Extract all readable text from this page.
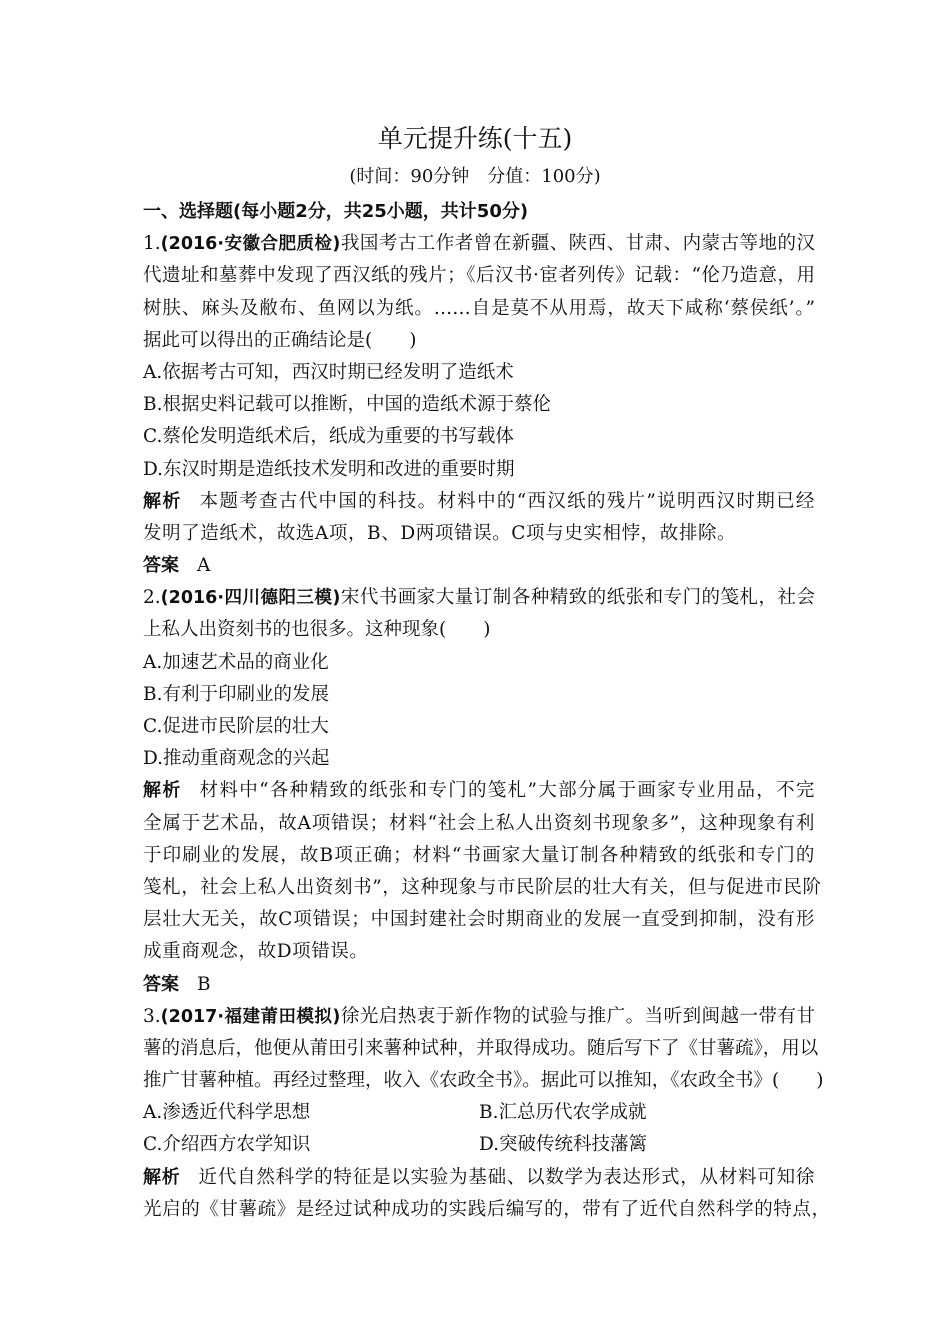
单元提升练(十五)
(时间：90分钟　分值：100分)
一、选择题(每小题2分，共25小题，共计50分)
1.(2016·安徽合肥质检)我国考古工作者曾在新疆、陕西、甘肃、内蒙古等地的汉
代遗址和墓葬中发现了西汉纸的残片；《后汉书·宦者列传》记载：“伦乃造意，用
树肤、麻头及敝布、鱼网以为纸。……自是莫不从用焉，故天下咸称‘蔡侯纸’。”
据此可以得出的正确结论是(　　)
A.依据考古可知，西汉时期已经发明了造纸术
B.根据史料记载可以推断，中国的造纸术源于蔡伦
C.蔡伦发明造纸术后，纸成为重要的书写载体
D.东汉时期是造纸技术发明和改进的重要时期
解析 本题考查古代中国的科技。材料中的“西汉纸的残片”说明西汉时期已经
发明了造纸术，故选A项，B、D两项错误。C项与史实相悖，故排除。
答案 A
2.(2016·四川德阳三模)宋代书画家大量订制各种精致的纸张和专门的笺札，社会
上私人出资刻书的也很多。这种现象(　　)
A.加速艺术品的商业化
B.有利于印刷业的发展
C.促进市民阶层的壮大
D.推动重商观念的兴起
解析 材料中“各种精致的纸张和专门的笺札”大部分属于画家专业用品，不完
全属于艺术品，故A项错误；材料“社会上私人出资刻书现象多”，这种现象有利
于印刷业的发展，故B项正确；材料“书画家大量订制各种精致的纸张和专门的
笺札，社会上私人出资刻书”，这种现象与市民阶层的壮大有关，但与促进市民阶
层壮大无关，故C项错误；中国封建社会时期商业的发展一直受到抑制，没有形
成重商观念，故D项错误。
答案 B
3.(2017·福建莆田模拟)徐光启热衷于新作物的试验与推广。当听到闽越一带有甘
薯的消息后，他便从莆田引来薯种试种，并取得成功。随后写下了《甘薯疏》，用以
推广甘薯种植。再经过整理，收入《农政全书》。据此可以推知，《农政全书》(　　)
A.渗透近代科学思想	B.汇总历代农学成就
C.介绍西方农学知识	D.突破传统科技藩篱
解析 近代自然科学的特征是以实验为基础、以数学为表达形式，从材料可知徐
光启的《甘薯疏》是经过试种成功的实践后编写的，带有了近代自然科学的特点，
